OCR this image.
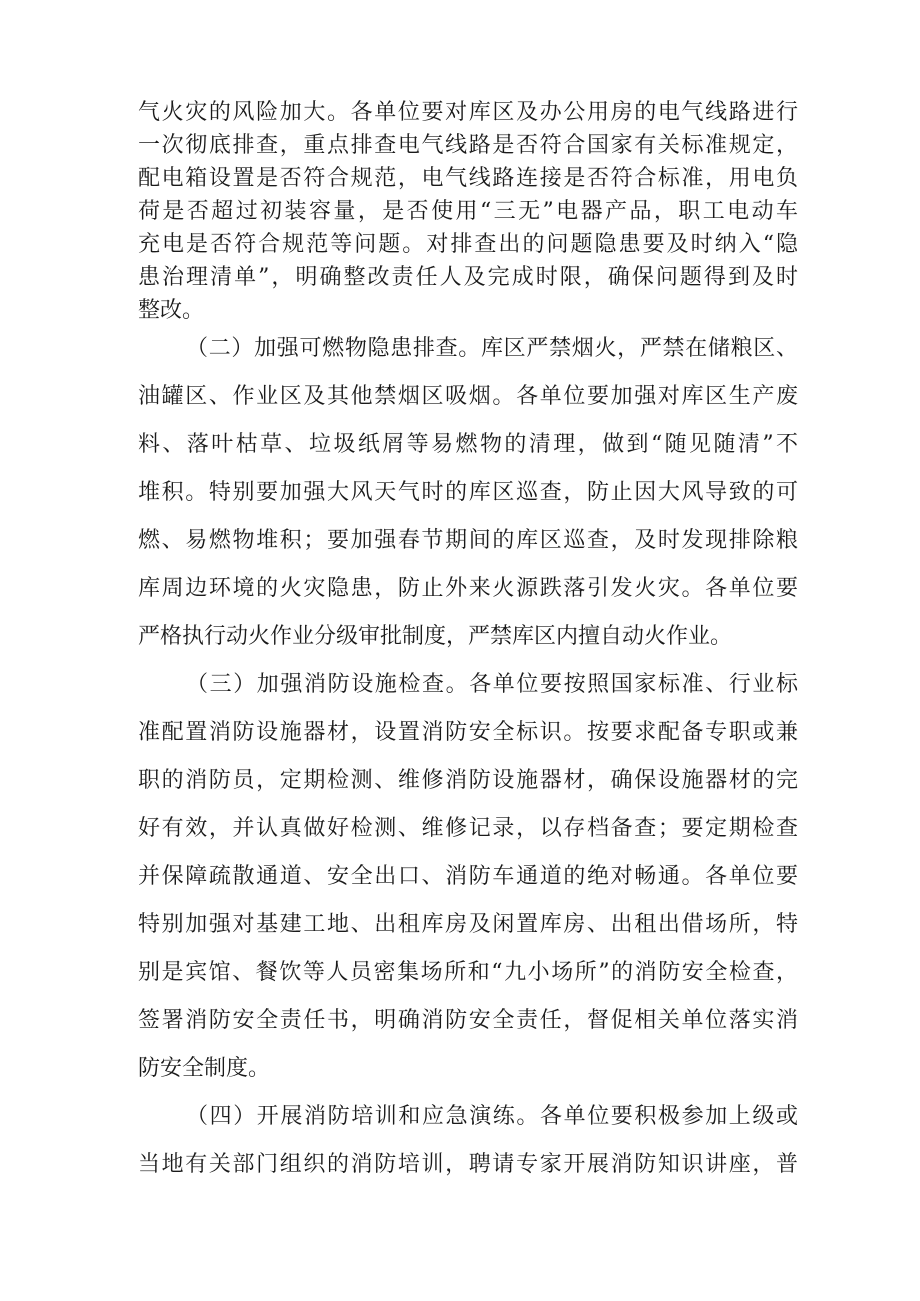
气火灾的风险加大。各单位要对库区及办公用房的电气线路进行
一次彻底排查，重点排查电气线路是否符合国家有关标准规定，
配电箱设置是否符合规范，电气线路连接是否符合标准，用电负
荷是否超过初装容量，是否使用“三无”电器产品，职工电动车
充电是否符合规范等问题。对排查出的问题隐患要及时纳入“隐
患治理清单”，明确整改责任人及完成时限，确保问题得到及时
整改。
（二）加强可燃物隐患排查。库区严禁烟火，严禁在储粮区、
油罐区、作业区及其他禁烟区吸烟。各单位要加强对库区生产废
料、落叶枯草、垃圾纸屑等易燃物的清理，做到“随见随清”不
堆积。特别要加强大风天气时的库区巡查，防止因大风导致的可
燃、易燃物堆积；要加强春节期间的库区巡查，及时发现排除粮
库周边环境的火灾隐患，防止外来火源跌落引发火灾。各单位要
严格执行动火作业分级审批制度，严禁库区内擅自动火作业。
（三）加强消防设施检查。各单位要按照国家标准、行业标
准配置消防设施器材，设置消防安全标识。按要求配备专职或兼
职的消防员，定期检测、维修消防设施器材，确保设施器材的完
好有效，并认真做好检测、维修记录，以存档备查；要定期检查
并保障疏散通道、安全出口、消防车通道的绝对畅通。各单位要
特别加强对基建工地、出租库房及闲置库房、出租出借场所，特
别是宾馆、餐饮等人员密集场所和“九小场所”的消防安全检查，
签署消防安全责任书，明确消防安全责任，督促相关单位落实消
防安全制度。
（四）开展消防培训和应急演练。各单位要积极参加上级或
当地有关部门组织的消防培训，聘请专家开展消防知识讲座，普
